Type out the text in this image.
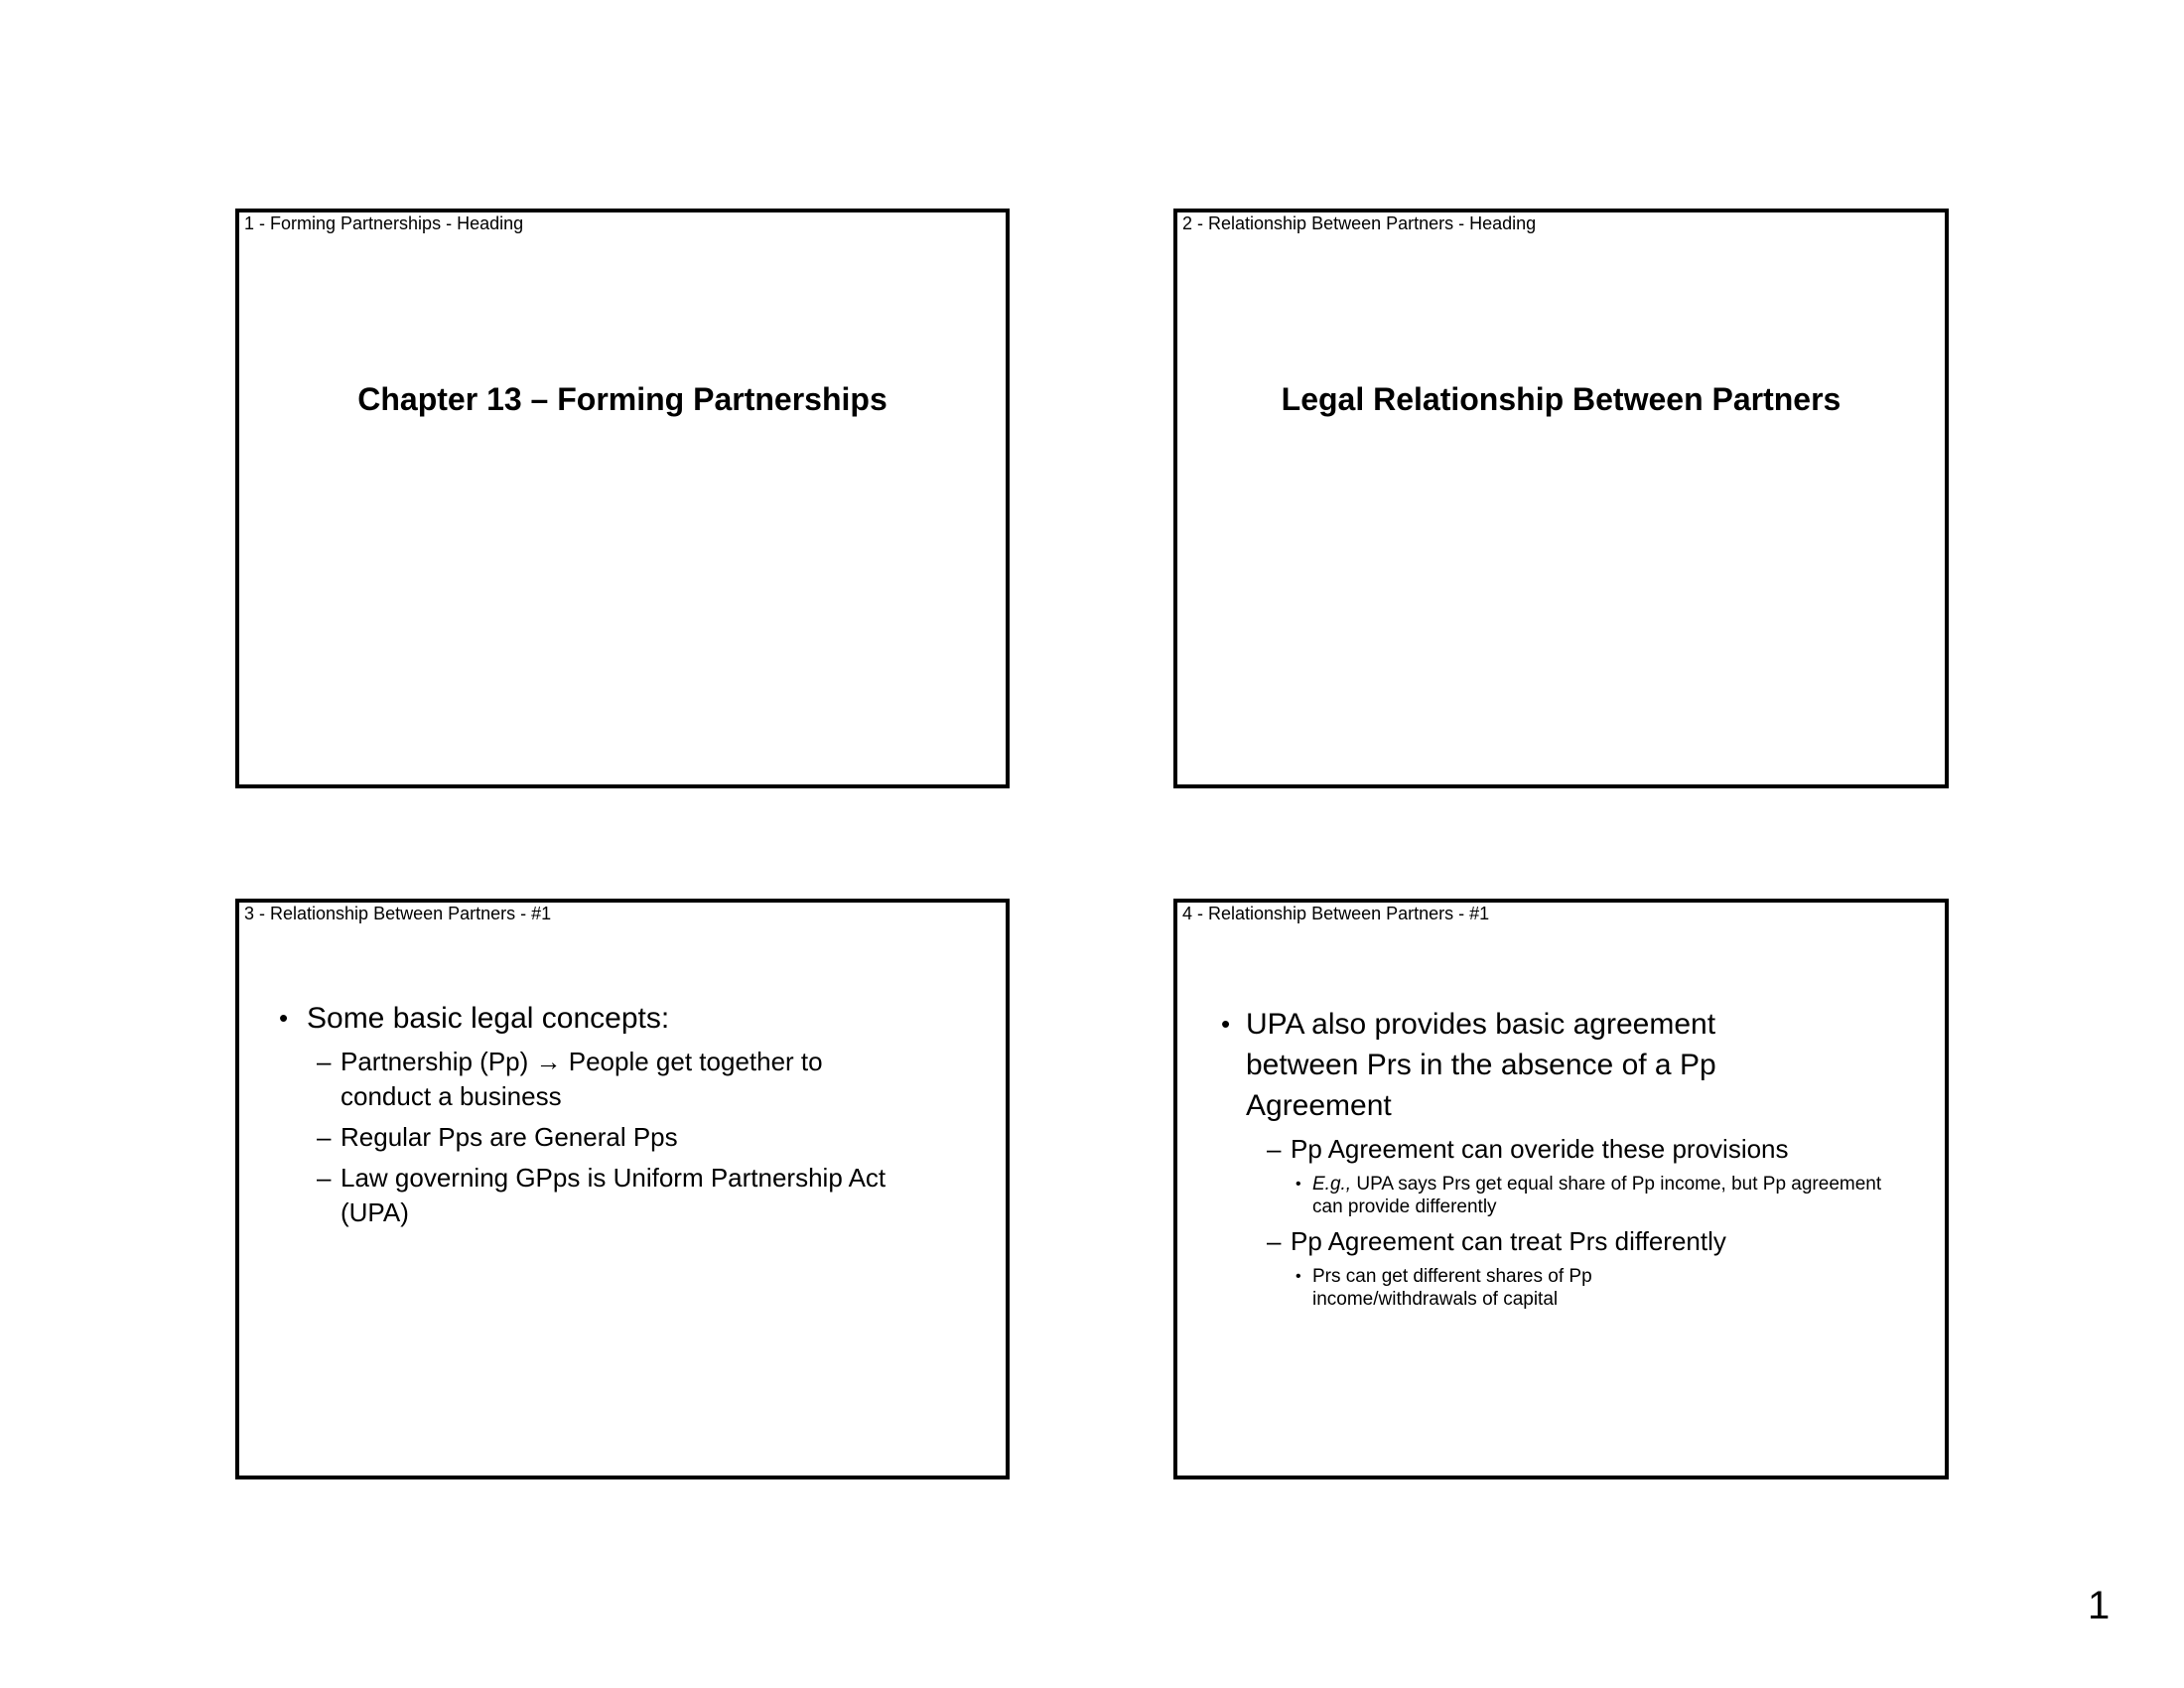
1 - Forming Partnerships - Heading
Chapter 13 – Forming Partnerships
2 - Relationship Between Partners - Heading
Legal Relationship Between Partners
3 - Relationship Between Partners - #1
• Some basic legal concepts:
– Partnership (Pp) → People get together to conduct a business
– Regular Pps are General Pps
– Law governing GPps is Uniform Partnership Act (UPA)
4 - Relationship Between Partners - #1
• UPA also provides basic agreement between Prs in the absence of a Pp Agreement
– Pp Agreement can overide these provisions
• E.g., UPA says Prs get equal share of Pp income, but Pp agreement can provide differently
– Pp Agreement can treat Prs differently
• Prs can get different shares of Pp income/withdrawals of capital
1
